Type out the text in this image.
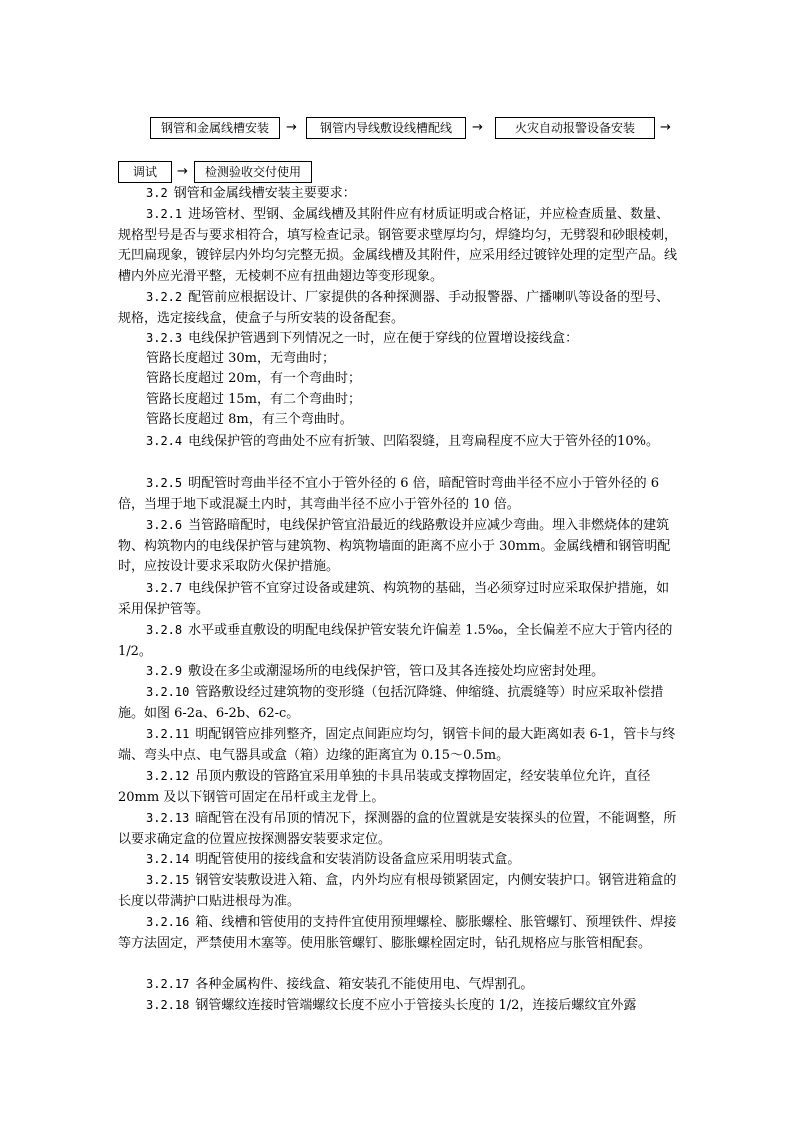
钢管和金属线槽安装	→	钢管内导线敷设线槽配线	→	火灾自动报警设备安装	→
调试	→	检测验收交付使用
3.2 钢管和金属线槽安装主要要求：
3.2.1 进场管材、型钢、金属线槽及其附件应有材质证明或合格证，并应检查质量、数量、规格型号是否与要求相符合，填写检查记录。钢管要求壁厚均匀，焊缝均匀，无劈裂和砂眼棱刺，无凹扁现象，镀锌层内外均匀完整无损。金属线槽及其附件，应采用经过镀锌处理的定型产品。线槽内外应光滑平整，无棱刺不应有扭曲翅边等变形现象。
3.2.2 配管前应根据设计、厂家提供的各种探测器、手动报警器、广播喇叭等设备的型号、规格，选定接线盒，使盒子与所安装的设备配套。
3.2.3 电线保护管遇到下列情况之一时，应在便于穿线的位置增设接线盒：
管路长度超过 30m，无弯曲时；
管路长度超过 20m，有一个弯曲时；
管路长度超过 15m，有二个弯曲时；
管路长度超过 8m，有三个弯曲时。
3.2.4 电线保护管的弯曲处不应有折皱、凹陷裂缝，且弯扁程度不应大于管外径的10%。
3.2.5 明配管时弯曲半径不宜小于管外径的 6 倍，暗配管时弯曲半径不应小于管外径的 6 倍，当埋于地下或混凝土内时，其弯曲半径不应小于管外径的 10 倍。
3.2.6 当管路暗配时，电线保护管宜沿最近的线路敷设并应减少弯曲。埋入非燃烧体的建筑物、构筑物内的电线保护管与建筑物、构筑物墙面的距离不应小于 30mm。金属线槽和钢管明配时，应按设计要求采取防火保护措施。
3.2.7 电线保护管不宜穿过设备或建筑、构筑物的基础，当必须穿过时应采取保护措施，如采用保护管等。
3.2.8 水平或垂直敷设的明配电线保护管安装允许偏差 1.5‰，全长偏差不应大于管内径的 1/2。
3.2.9 敷设在多尘或潮湿场所的电线保护管，管口及其各连接处均应密封处理。
3.2.10 管路敷设经过建筑物的变形缝（包括沉降缝、伸缩缝、抗震缝等）时应采取补偿措施。如图 6-2a、6-2b、62-c。
3.2.11 明配钢管应排列整齐，固定点间距应均匀，钢管卡间的最大距离如表 6-1，管卡与终端、弯头中点、电气器具或盒（箱）边缘的距离宜为 0.15～0.5m。
3.2.12 吊顶内敷设的管路宜采用单独的卡具吊装或支撑物固定，经安装单位允许，直径 20mm 及以下钢管可固定在吊杆或主龙骨上。
3.2.13 暗配管在没有吊顶的情况下，探测器的盒的位置就是安装探头的位置，不能调整，所以要求确定盒的位置应按探测器安装要求定位。
3.2.14 明配管使用的接线盒和安装消防设备盒应采用明装式盒。
3.2.15 钢管安装敷设进入箱、盒，内外均应有根母锁紧固定，内侧安装护口。钢管进箱盒的长度以带满护口贴进根母为准。
3.2.16 箱、线槽和管使用的支持件宜使用预埋螺栓、膨胀螺栓、胀管螺钉、预埋铁件、焊接等方法固定，严禁使用木塞等。使用胀管螺钉、膨胀螺栓固定时，钻孔规格应与胀管相配套。
3.2.17 各种金属构件、接线盒、箱安装孔不能使用电、气焊割孔。
3.2.18 钢管螺纹连接时管端螺纹长度不应小于管接头长度的 1/2，连接后螺纹宜外露
